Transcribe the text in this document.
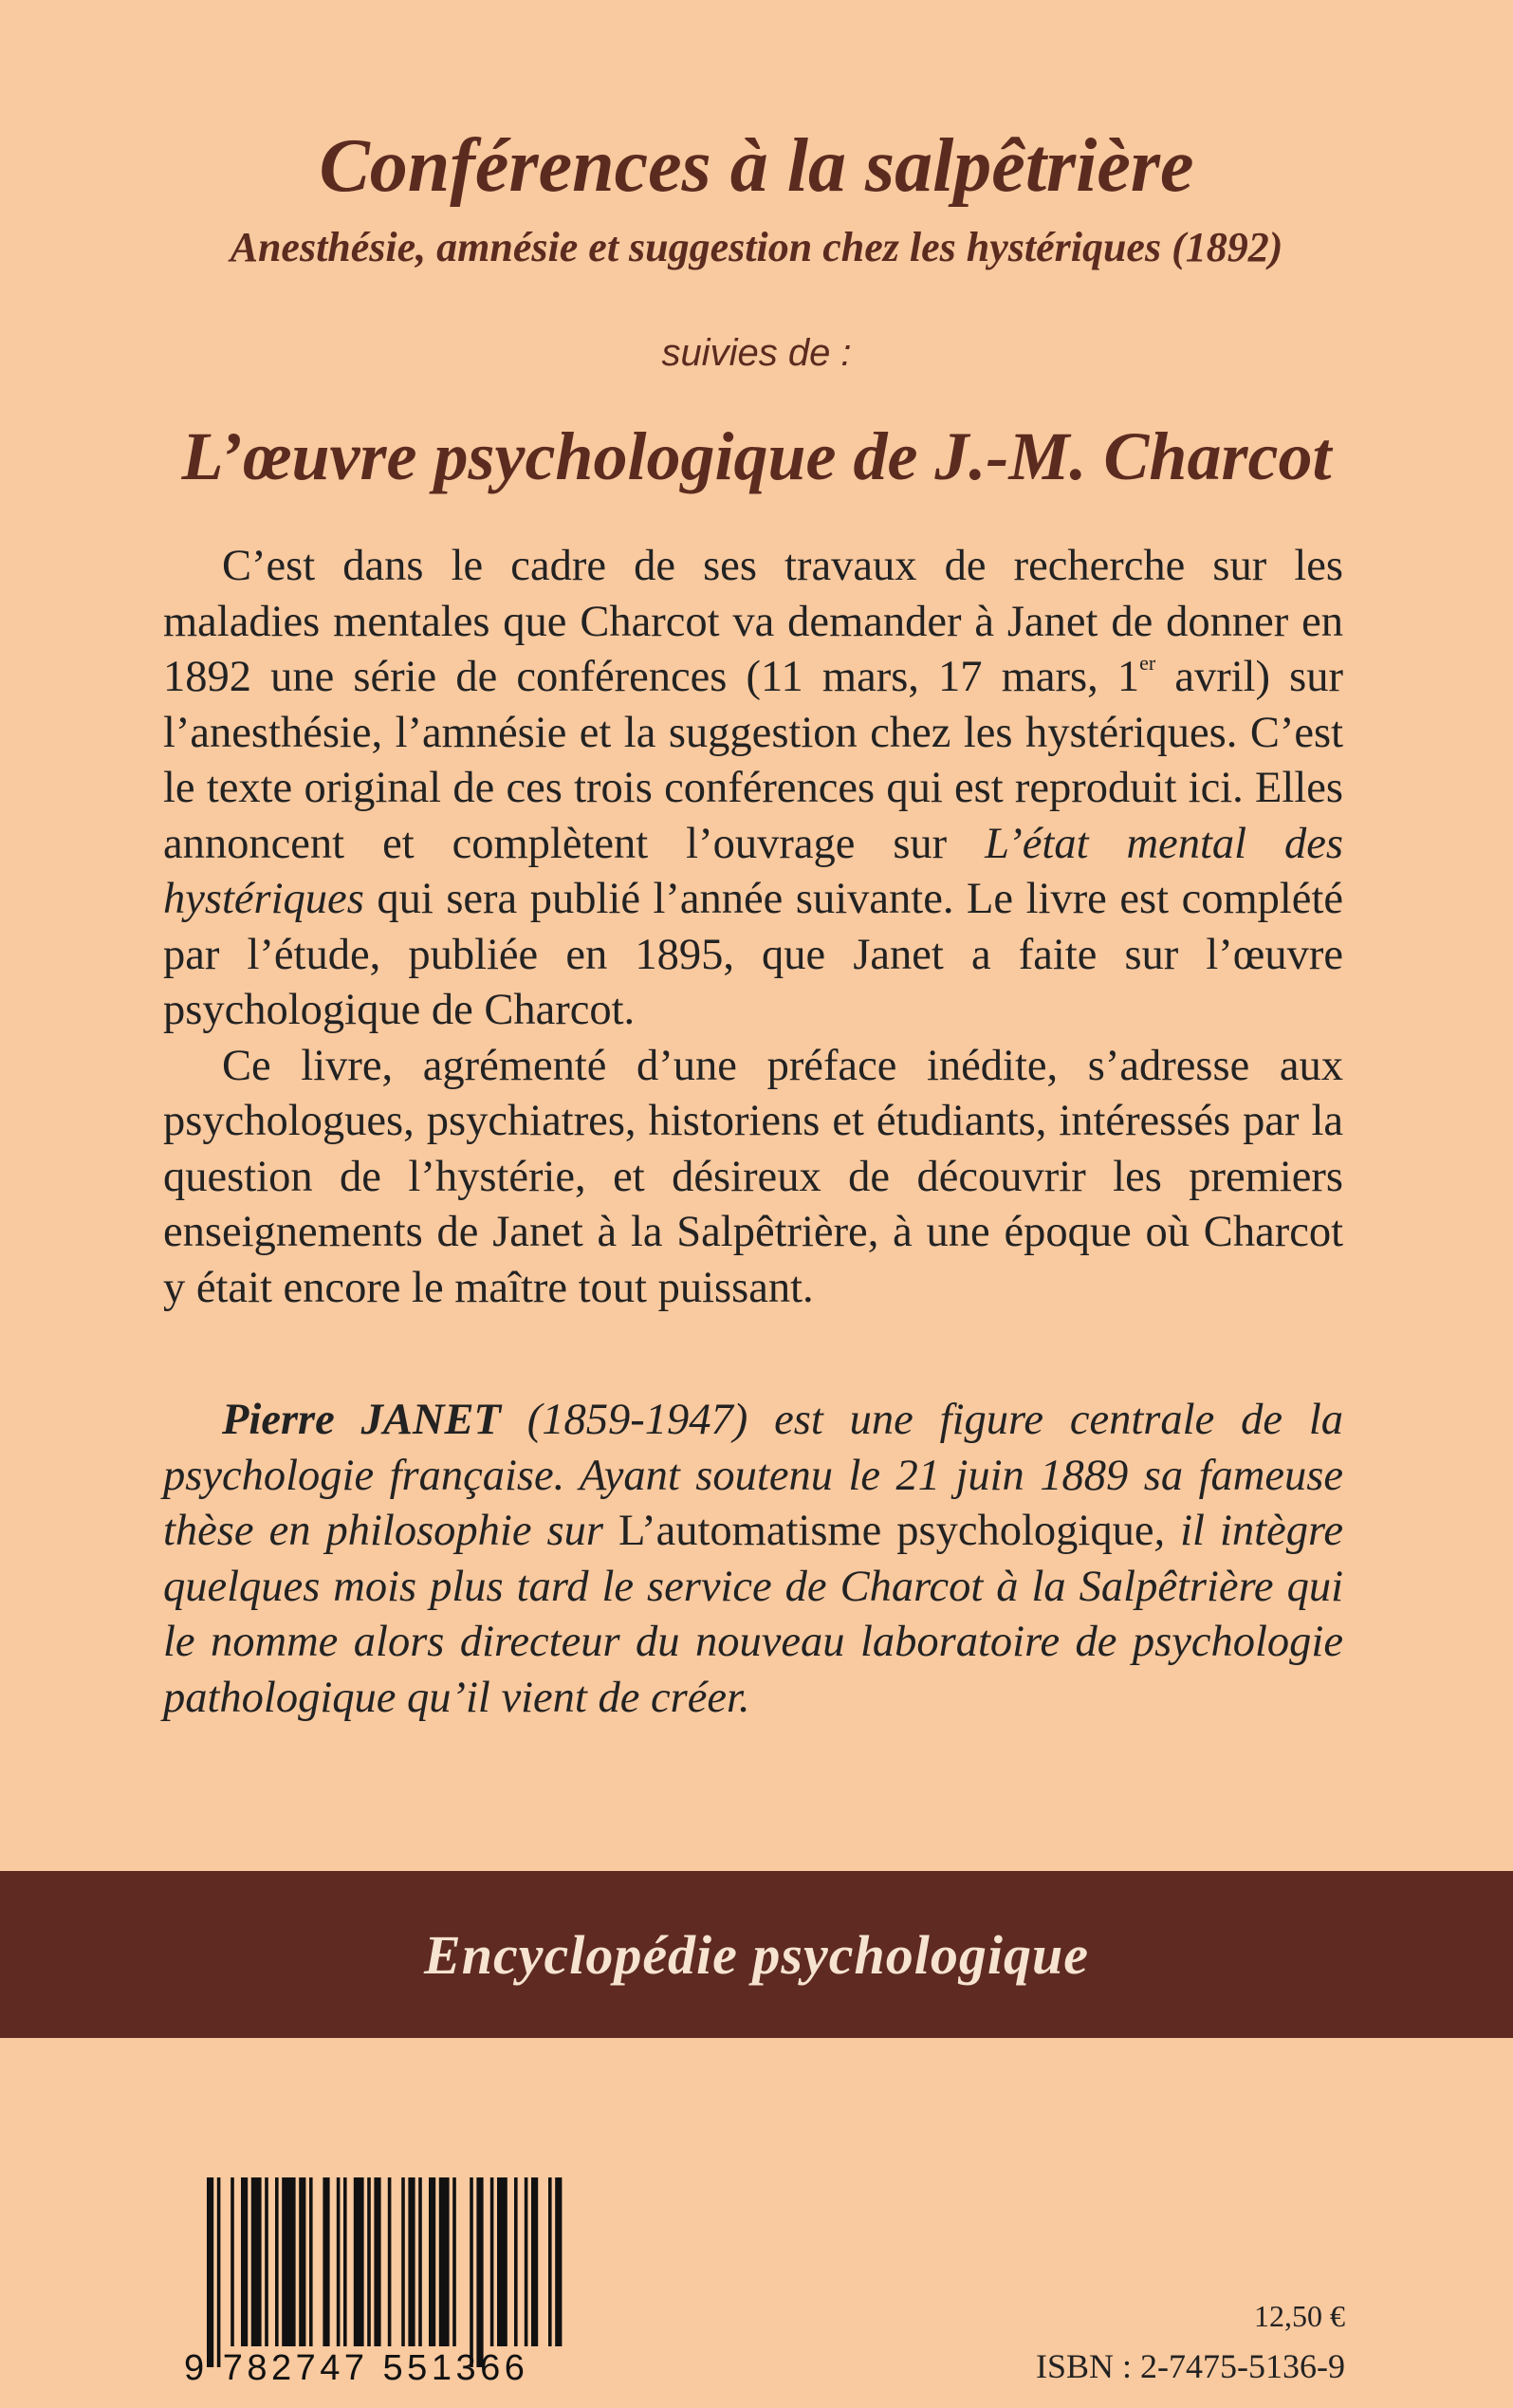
Conférences à la salpêtrière
Anesthésie, amnésie et suggestion chez les hystériques (1892)
suivies de :
L’œuvre psychologique de J.-M. Charcot

C’est dans le cadre de ses travaux de recherche sur les maladies mentales que Charcot va demander à Janet de donner en 1892 une série de conférences (11 mars, 17 mars, 1er avril) sur l’anesthésie, l’amnésie et la suggestion chez les hystériques. C’est le texte original de ces trois conférences qui est reproduit ici. Elles annoncent et complètent l’ouvrage sur L’état mental des hystériques qui sera publié l’année suivante. Le livre est complété par l’étude, publiée en 1895, que Janet a faite sur l’œuvre psychologique de Charcot.

Ce livre, agrémenté d’une préface inédite, s’adresse aux psychologues, psychiatres, historiens et étudiants, intéressés par la question de l’hystérie, et désireux de découvrir les premiers enseignements de Janet à la Salpêtrière, à une époque où Charcot y était encore le maître tout puissant.

Pierre JANET (1859-1947) est une figure centrale de la psychologie française. Ayant soutenu le 21 juin 1889 sa fameuse thèse en philosophie sur L’automatisme psychologique, il intègre quelques mois plus tard le service de Charcot à la Salpêtrière qui le nomme alors directeur du nouveau laboratoire de psychologie pathologique qu’il vient de créer.

Encyclopédie psychologique
9 782747 551366
12,50 €
ISBN : 2-7475-5136-9
